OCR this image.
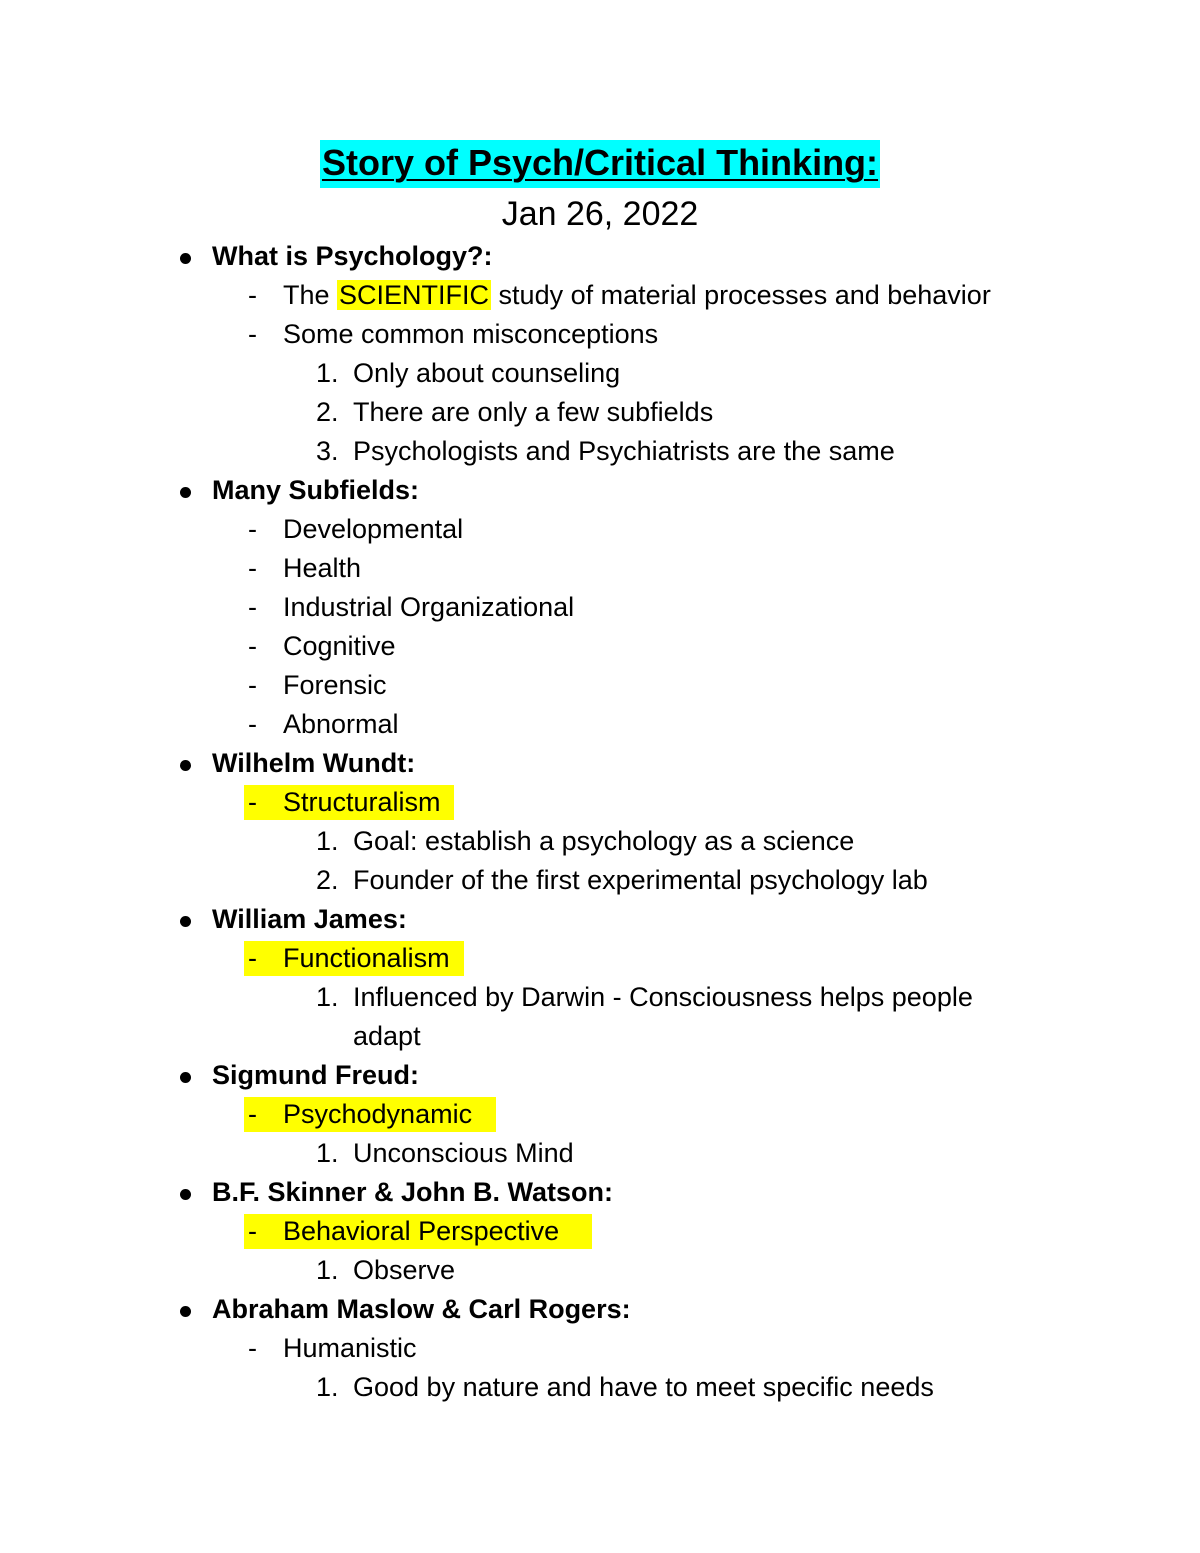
Story of Psych/Critical Thinking:
Jan 26, 2022
What is Psychology?:
- The SCIENTIFIC study of material processes and behavior
- Some common misconceptions
1. Only about counseling
2. There are only a few subfields
3. Psychologists and Psychiatrists are the same
Many Subfields:
- Developmental
- Health
- Industrial Organizational
- Cognitive
- Forensic
- Abnormal
Wilhelm Wundt:
- Structuralism
1. Goal: establish a psychology as a science
2. Founder of the first experimental psychology lab
William James:
- Functionalism
1. Influenced by Darwin - Consciousness helps people
adapt
Sigmund Freud:
- Psychodynamic
1. Unconscious Mind
B.F. Skinner & John B. Watson:
- Behavioral Perspective
1. Observe
Abraham Maslow & Carl Rogers:
- Humanistic
1. Good by nature and have to meet specific needs
